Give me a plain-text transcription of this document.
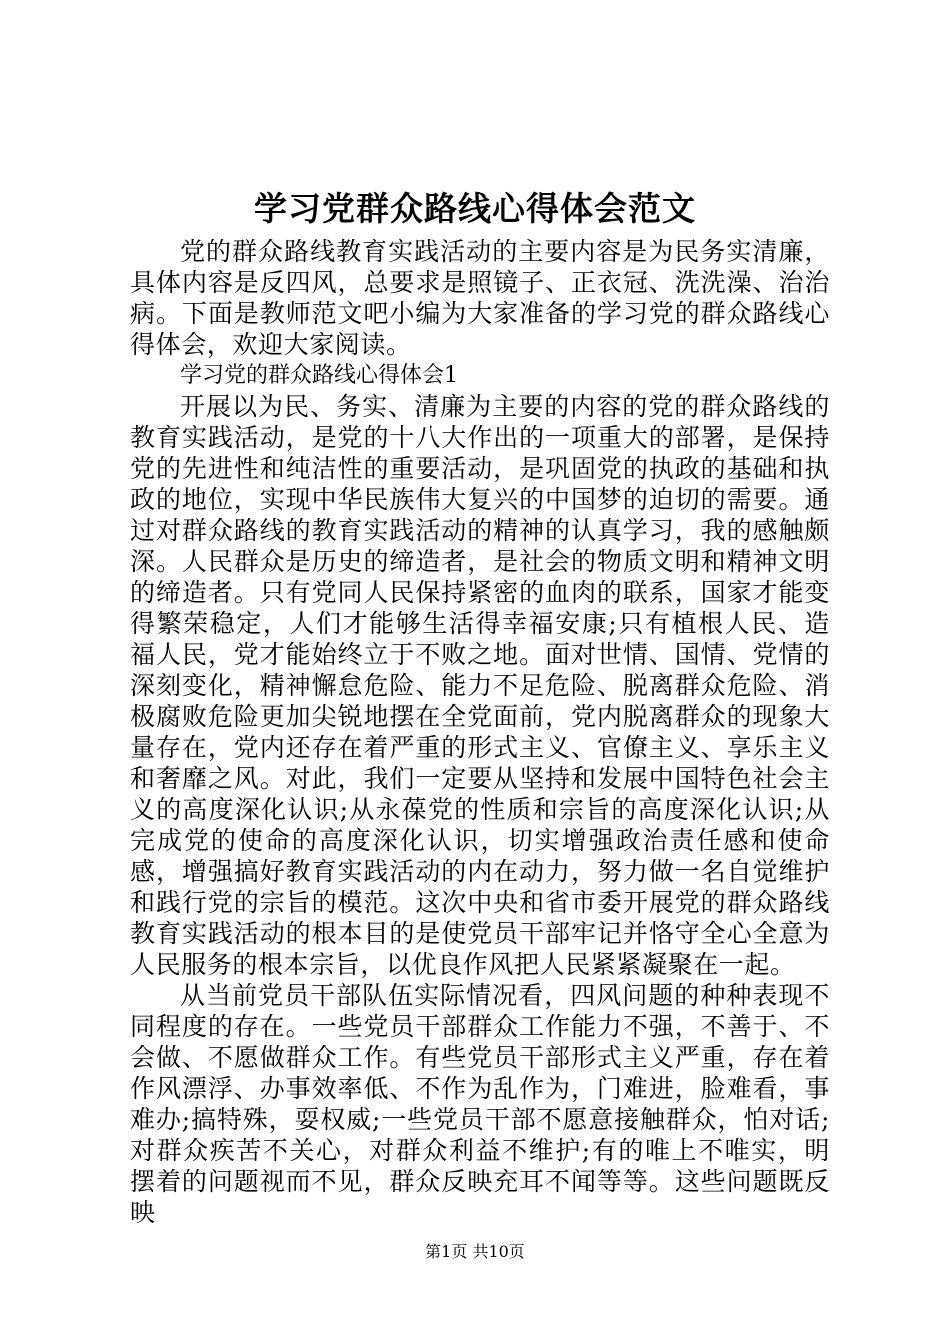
学习党群众路线心得体会范文

党的群众路线教育实践活动的主要内容是为民务实清廉，具体内容是反四风，总要求是照镜子、正衣冠、洗洗澡、治治病。下面是教师范文吧小编为大家准备的学习党的群众路线心得体会，欢迎大家阅读。

学习党的群众路线心得体会1

开展以为民、务实、清廉为主要的内容的党的群众路线的教育实践活动，是党的十八大作出的一项重大的部署，是保持党的先进性和纯洁性的重要活动，是巩固党的执政的基础和执政的地位，实现中华民族伟大复兴的中国梦的迫切的需要。通过对群众路线的教育实践活动的精神的认真学习，我的感触颇深。人民群众是历史的缔造者，是社会的物质文明和精神文明的缔造者。只有党同人民保持紧密的血肉的联系，国家才能变得繁荣稳定，人们才能够生活得幸福安康;只有植根人民、造福人民，党才能始终立于不败之地。面对世情、国情、党情的深刻变化，精神懈怠危险、能力不足危险、脱离群众危险、消极腐败危险更加尖锐地摆在全党面前，党内脱离群众的现象大量存在，党内还存在着严重的形式主义、官僚主义、享乐主义和奢靡之风。对此，我们一定要从坚持和发展中国特色社会主义的高度深化认识;从永葆党的性质和宗旨的高度深化认识;从完成党的使命的高度深化认识，切实增强政治责任感和使命感，增强搞好教育实践活动的内在动力，努力做一名自觉维护和践行党的宗旨的模范。这次中央和省市委开展党的群众路线教育实践活动的根本目的是使党员干部牢记并恪守全心全意为人民服务的根本宗旨，以优良作风把人民紧紧凝聚在一起。

从当前党员干部队伍实际情况看，四风问题的种种表现不同程度的存在。一些党员干部群众工作能力不强，不善于、不会做、不愿做群众工作。有些党员干部形式主义严重，存在着作风漂浮、办事效率低、不作为乱作为，门难进，脸难看，事难办;搞特殊，耍权威;一些党员干部不愿意接触群众，怕对话;对群众疾苦不关心，对群众利益不维护;有的唯上不唯实，明摆着的问题视而不见，群众反映充耳不闻等等。这些问题既反映

第1页 共10页
